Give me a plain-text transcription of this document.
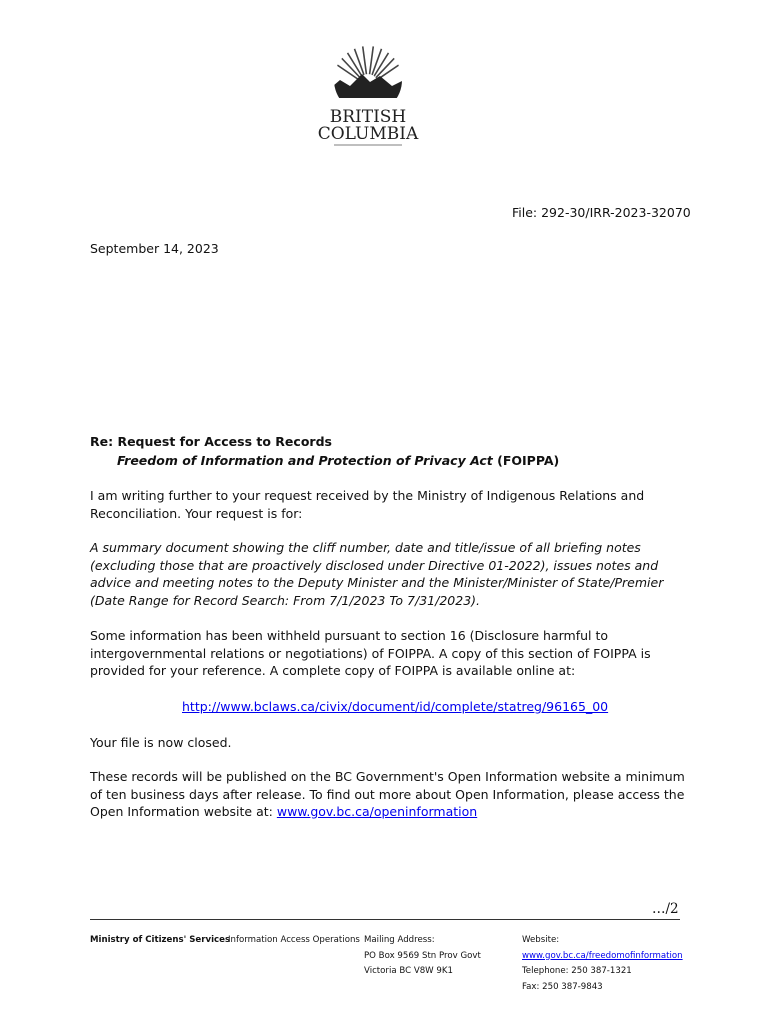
BRITISH
COLUMBIA
File: 292-30/IRR-2023-32070
September 14, 2023
Re: Request for Access to Records
Freedom of Information and Protection of Privacy Act (FOIPPA)

I am writing further to your request received by the Ministry of Indigenous Relations and Reconciliation. Your request is for:

A summary document showing the cliff number, date and title/issue of all briefing notes (excluding those that are proactively disclosed under Directive 01-2022), issues notes and advice and meeting notes to the Deputy Minister and the Minister/Minister of State/Premier (Date Range for Record Search: From 7/1/2023 To 7/31/2023).

Some information has been withheld pursuant to section 16 (Disclosure harmful to intergovernmental relations or negotiations) of FOIPPA. A copy of this section of FOIPPA is provided for your reference. A complete copy of FOIPPA is available online at:

http://www.bclaws.ca/civix/document/id/complete/statreg/96165_00

Your file is now closed.

These records will be published on the BC Government's Open Information website a minimum of ten business days after release. To find out more about Open Information, please access the Open Information website at: www.gov.bc.ca/openinformation

…/2
Ministry of Citizens' Services
Information Access Operations Mailing Address:
PO Box 9569 Stn Prov Govt
Victoria BC V8W 9K1
Website:
www.gov.bc.ca/freedomofinformation
Telephone: 250 387-1321
Fax: 250 387-9843
